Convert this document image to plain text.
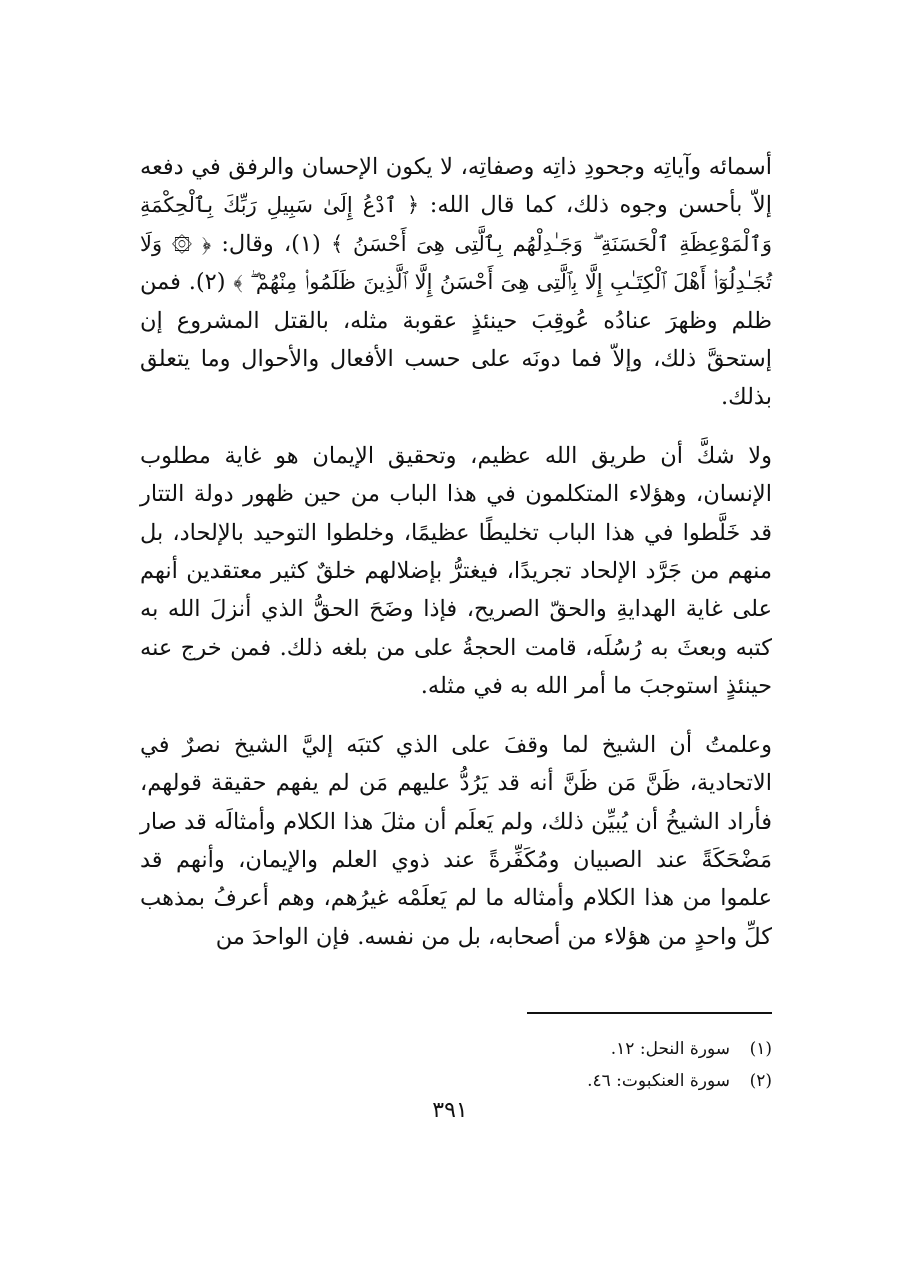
أسمائه وآياتِه وجحودِ ذاتِه وصفاتِه، لا يكون الإحسان والرفق في دفعه إلاّ بأحسن وجوه ذلك، كما قال الله: ﴿ ٱدْعُ إِلَىٰ سَبِيلِ رَبِّكَ بِٱلْحِكْمَةِ وَٱلْمَوْعِظَةِ ٱلْحَسَنَةِ ۖ وَجَـٰدِلْهُم بِٱلَّتِى هِىَ أَحْسَنُ ﴾ (١)، وقال: ﴿ ۞ وَلَا تُجَـٰدِلُوٓا۟ أَهْلَ ٱلْكِتَـٰبِ إِلَّا بِٱلَّتِى هِىَ أَحْسَنُ إِلَّا ٱلَّذِينَ ظَلَمُوا۟ مِنْهُمْ ۖ ﴾ (٢). فمن ظلم وظهرَ عنادُه عُوقِبَ حينئذٍ عقوبة مثله، بالقتل المشروع إن إستحقَّ ذلك، وإلاّ فما دونَه على حسب الأفعال والأحوال وما يتعلق بذلك.

ولا شكَّ أن طريق الله عظيم، وتحقيق الإيمان هو غاية مطلوب الإنسان، وهؤلاء المتكلمون في هذا الباب من حين ظهور دولة التتار قد خَلَّطوا في هذا الباب تخليطًا عظيمًا، وخلطوا التوحيد بالإلحاد، بل منهم من جَرَّد الإلحاد تجريدًا، فيغترُّ بإضلالهم خلقٌ كثير معتقدين أنهم على غاية الهدايةِ والحقّ الصريح، فإذا وضَحَ الحقُّ الذي أنزلَ الله به كتبه وبعثَ به رُسُلَه، قامت الحجةُ على من بلغه ذلك. فمن خرج عنه حينئذٍ استوجبَ ما أمر الله به في مثله.

وعلمتُ أن الشيخ لما وقفَ على الذي كتبَه إليَّ الشيخ نصرٌ في الاتحادية، ظَنَّ مَن ظَنَّ أنه قد يَرُدُّ عليهم مَن لم يفهم حقيقة قولهم، فأراد الشيخُ أن يُبيِّن ذلك، ولم يَعلَم أن مثلَ هذا الكلام وأمثالَه قد صار مَضْحَكَةً عند الصبيان ومُكَفِّرةً عند ذوي العلم والإيمان، وأنهم قد علموا من هذا الكلام وأمثاله ما لم يَعلَمْه غيرُهم، وهم أعرفُ بمذهب كلِّ واحدٍ من هؤلاء من أصحابه، بل من نفسه. فإن الواحدَ من

(١)
سورة النحل: ١٢.
(٢)
سورة العنكبوت: ٤٦.
٣٩١
